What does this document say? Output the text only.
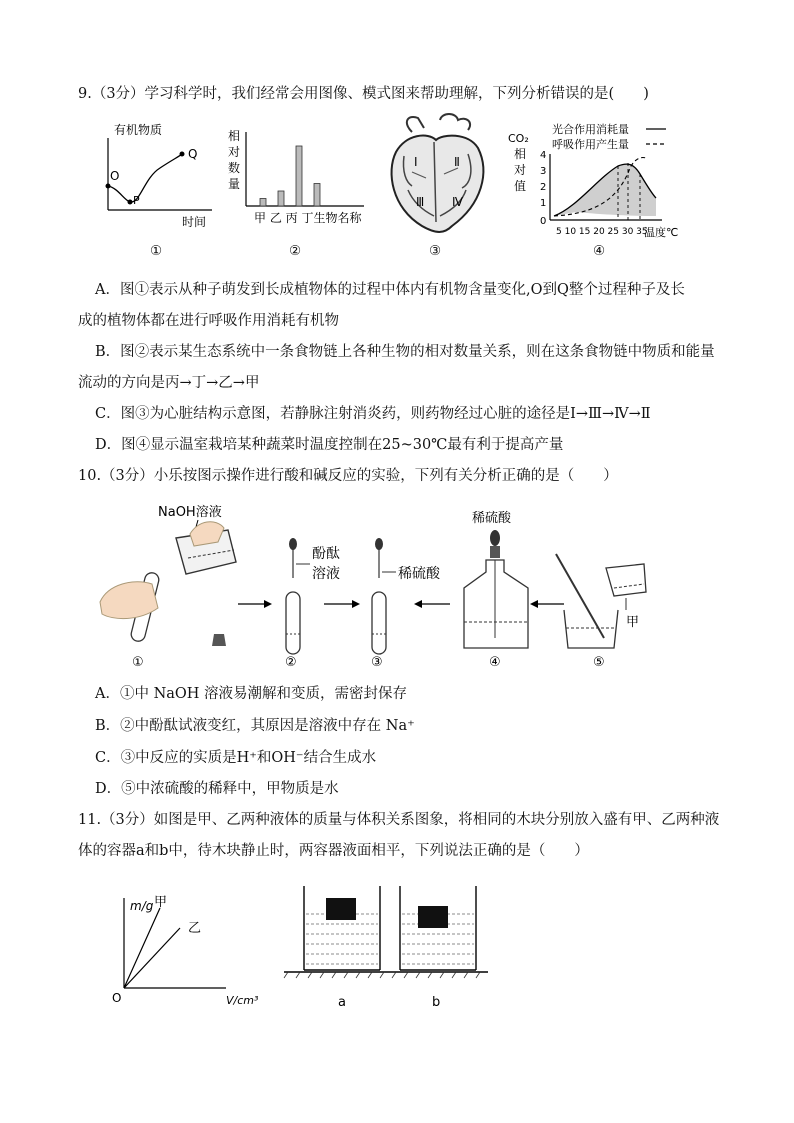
9.（3分）学习科学时，我们经常会用图像、模式图来帮助理解，下列分析错误的是(　　)
有机物质
O
P
Q
时间
①
相
对
数
量
甲 乙 丙 丁生物名称
②
Ⅰ	Ⅱ
Ⅲ Ⅳ
③
CO₂
相
对
值
光合作用消耗量
呼吸作用产生量
0
1
2
3
4
5 10 15 20 25 30 35
温度℃
④
A．图①表示从种子萌发到长成植物体的过程中体内有机物含量变化,O到Q整个过程种子及长
成的植物体都在进行呼吸作用消耗有机物
B．图②表示某生态系统中一条食物链上各种生物的相对数量关系，则在这条食物链中物质和能量
流动的方向是丙→丁→乙→甲
C．图③为心脏结构示意图，若静脉注射消炎药，则药物经过心脏的途径是Ⅰ→Ⅲ→Ⅳ→Ⅱ
D．图④显示温室栽培某种蔬菜时温度控制在25~30℃最有利于提高产量
10.（3分）小乐按图示操作进行酸和碱反应的实验，下列有关分析正确的是（　　）
NaOH溶液
①
酚酞
溶液
②
稀硫酸
③
稀硫酸
④
甲
⑤
A．①中 NaOH 溶液易潮解和变质，需密封保存
B．②中酚酞试液变红，其原因是溶液中存在 Na⁺
C．③中反应的实质是H⁺和OH⁻结合生成水
D．⑤中浓硫酸的稀释中，甲物质是水
11.（3分）如图是甲、乙两种液体的质量与体积关系图象，将相同的木块分别放入盛有甲、乙两种液
体的容器a和b中，待木块静止时，两容器液面相平，下列说法正确的是（　　）
m/g 甲
乙
O	V/cm³	a	b
